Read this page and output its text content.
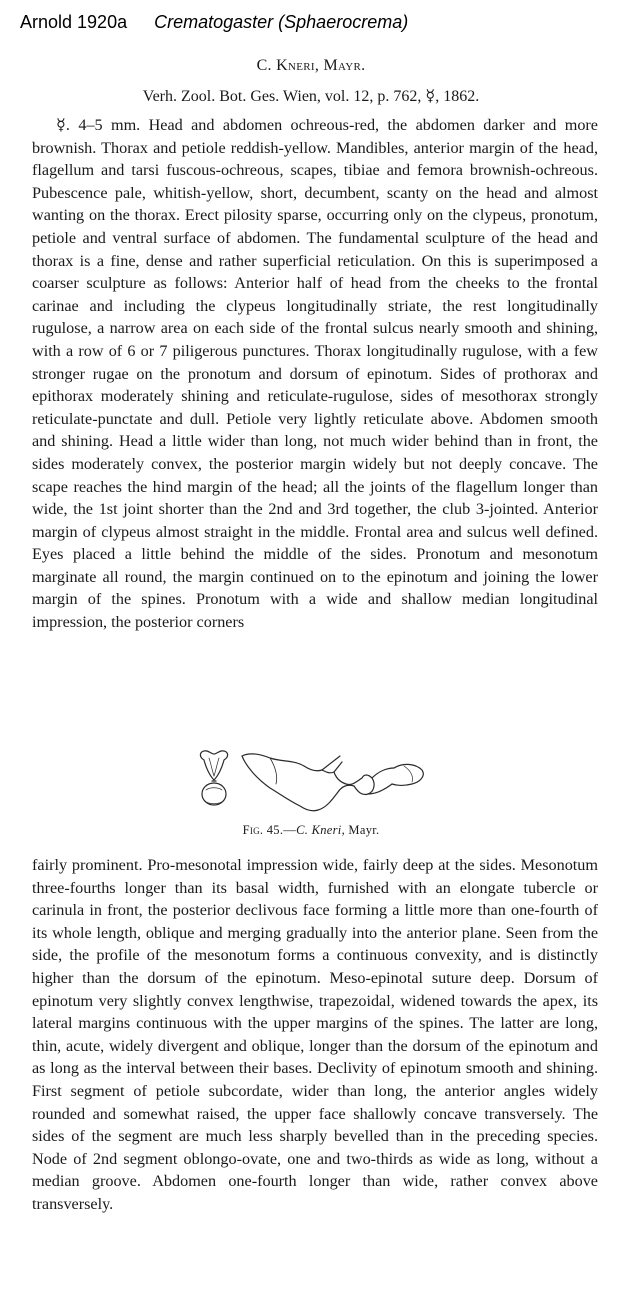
Arnold 1920a Crematogaster (Sphaerocrema)
C. Kneri, Mayr.
Verh. Zool. Bot. Ges. Wien, vol. 12, p. 762, ☿, 1862.

☿. 4–5 mm. Head and abdomen ochreous-red, the abdomen darker and more brownish. Thorax and petiole reddish-yellow. Mandibles, anterior margin of the head, flagellum and tarsi fuscous-ochreous, scapes, tibiae and femora brownish-ochreous. Pubescence pale, whitish-yellow, short, decumbent, scanty on the head and almost wanting on the thorax. Erect pilosity sparse, occurring only on the clypeus, pronotum, petiole and ventral surface of abdomen. The fundamental sculpture of the head and thorax is a fine, dense and rather superficial reticulation. On this is superimposed a coarser sculpture as follows: Anterior half of head from the cheeks to the frontal carinae and including the clypeus longitudinally striate, the rest longitudinally rugulose, a narrow area on each side of the frontal sulcus nearly smooth and shining, with a row of 6 or 7 piligerous punctures. Thorax longitudinally rugulose, with a few stronger rugae on the pronotum and dorsum of epinotum. Sides of prothorax and epithorax moderately shining and reticulate-rugulose, sides of mesothorax strongly reticulate-punctate and dull. Petiole very lightly reticulate above. Abdomen smooth and shining. Head a little wider than long, not much wider behind than in front, the sides moderately convex, the posterior margin widely but not deeply concave. The scape reaches the hind margin of the head; all the joints of the flagellum longer than wide, the 1st joint shorter than the 2nd and 3rd together, the club 3-jointed. Anterior margin of clypeus almost straight in the middle. Frontal area and sulcus well defined. Eyes placed a little behind the middle of the sides. Pronotum and mesonotum marginate all round, the margin continued on to the epinotum and joining the lower margin of the spines. Pronotum with a wide and shallow median longitudinal impression, the posterior corners

Fig. 45.—C. Kneri, Mayr.

fairly prominent. Pro-mesonotal impression wide, fairly deep at the sides. Mesonotum three-fourths longer than its basal width, furnished with an elongate tubercle or carinula in front, the posterior declivous face forming a little more than one-fourth of its whole length, oblique and merging gradually into the anterior plane. Seen from the side, the profile of the mesonotum forms a continuous convexity, and is distinctly higher than the dorsum of the epinotum. Meso-epinotal suture deep. Dorsum of epinotum very slightly convex lengthwise, trapezoidal, widened towards the apex, its lateral margins continuous with the upper margins of the spines. The latter are long, thin, acute, widely divergent and oblique, longer than the dorsum of the epinotum and as long as the interval between their bases. Declivity of epinotum smooth and shining. First segment of petiole subcordate, wider than long, the anterior angles widely rounded and somewhat raised, the upper face shallowly concave transversely. The sides of the segment are much less sharply bevelled than in the preceding species. Node of 2nd segment oblongo-ovate, one and two-thirds as wide as long, without a median groove. Abdomen one-fourth longer than wide, rather convex above transversely.
